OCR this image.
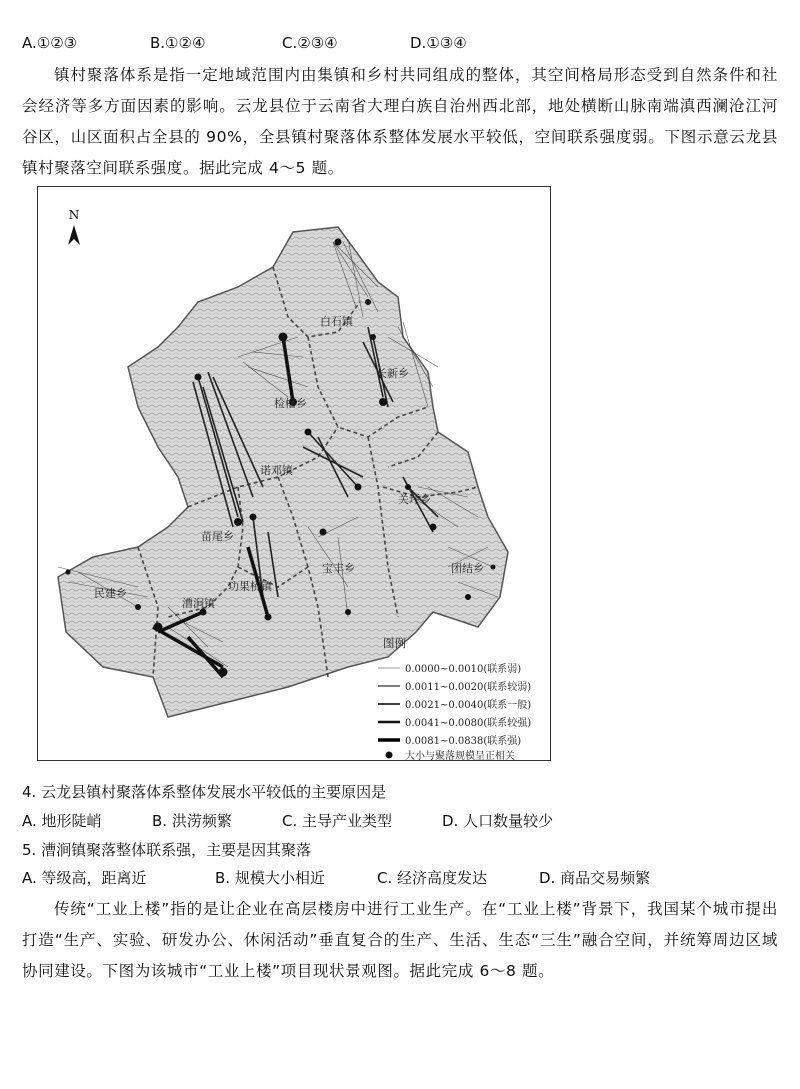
A.①②③	B.①②④	C.②③④	D.①③④

镇村聚落体系是指一定地域范围内由集镇和乡村共同组成的整体，其空间格局形态受到自然条件和社会经济等多方面因素的影响。云龙县位于云南省大理白族自治州西北部，地处横断山脉南端滇西澜沧江河谷区，山区面积占全县的 90%，全县镇村聚落体系整体发展水平较低，空间联系强度弱。下图示意云龙县镇村聚落空间联系强度。据此完成 4～5 题。

N
白石镇
长新乡
检槽乡
诺邓镇
关坪乡
苗尾乡
宝丰乡	团结乡
民建乡
漕涧镇
功果桥镇
图例
0.0000~0.0010(联系弱)
0.0011~0.0020(联系较弱)
0.0021~0.0040(联系一般)
0.0041~0.0080(联系较强)
0.0081~0.0838(联系强)
大小与聚落规模呈正相关

4. 云龙县镇村聚落体系整体发展水平较低的主要原因是

A. 地形陡峭	B. 洪涝频繁	C. 主导产业类型	D. 人口数量较少

5. 漕涧镇聚落整体联系强，主要是因其聚落

A. 等级高，距离近	B. 规模大小相近	C. 经济高度发达	D. 商品交易频繁

传统“工业上楼”指的是让企业在高层楼房中进行工业生产。在“工业上楼”背景下，我国某个城市提出打造“生产、实验、研发办公、休闲活动”垂直复合的生产、生活、生态“三生”融合空间，并统筹周边区域协同建设。下图为该城市“工业上楼”项目现状景观图。据此完成 6～8 题。
